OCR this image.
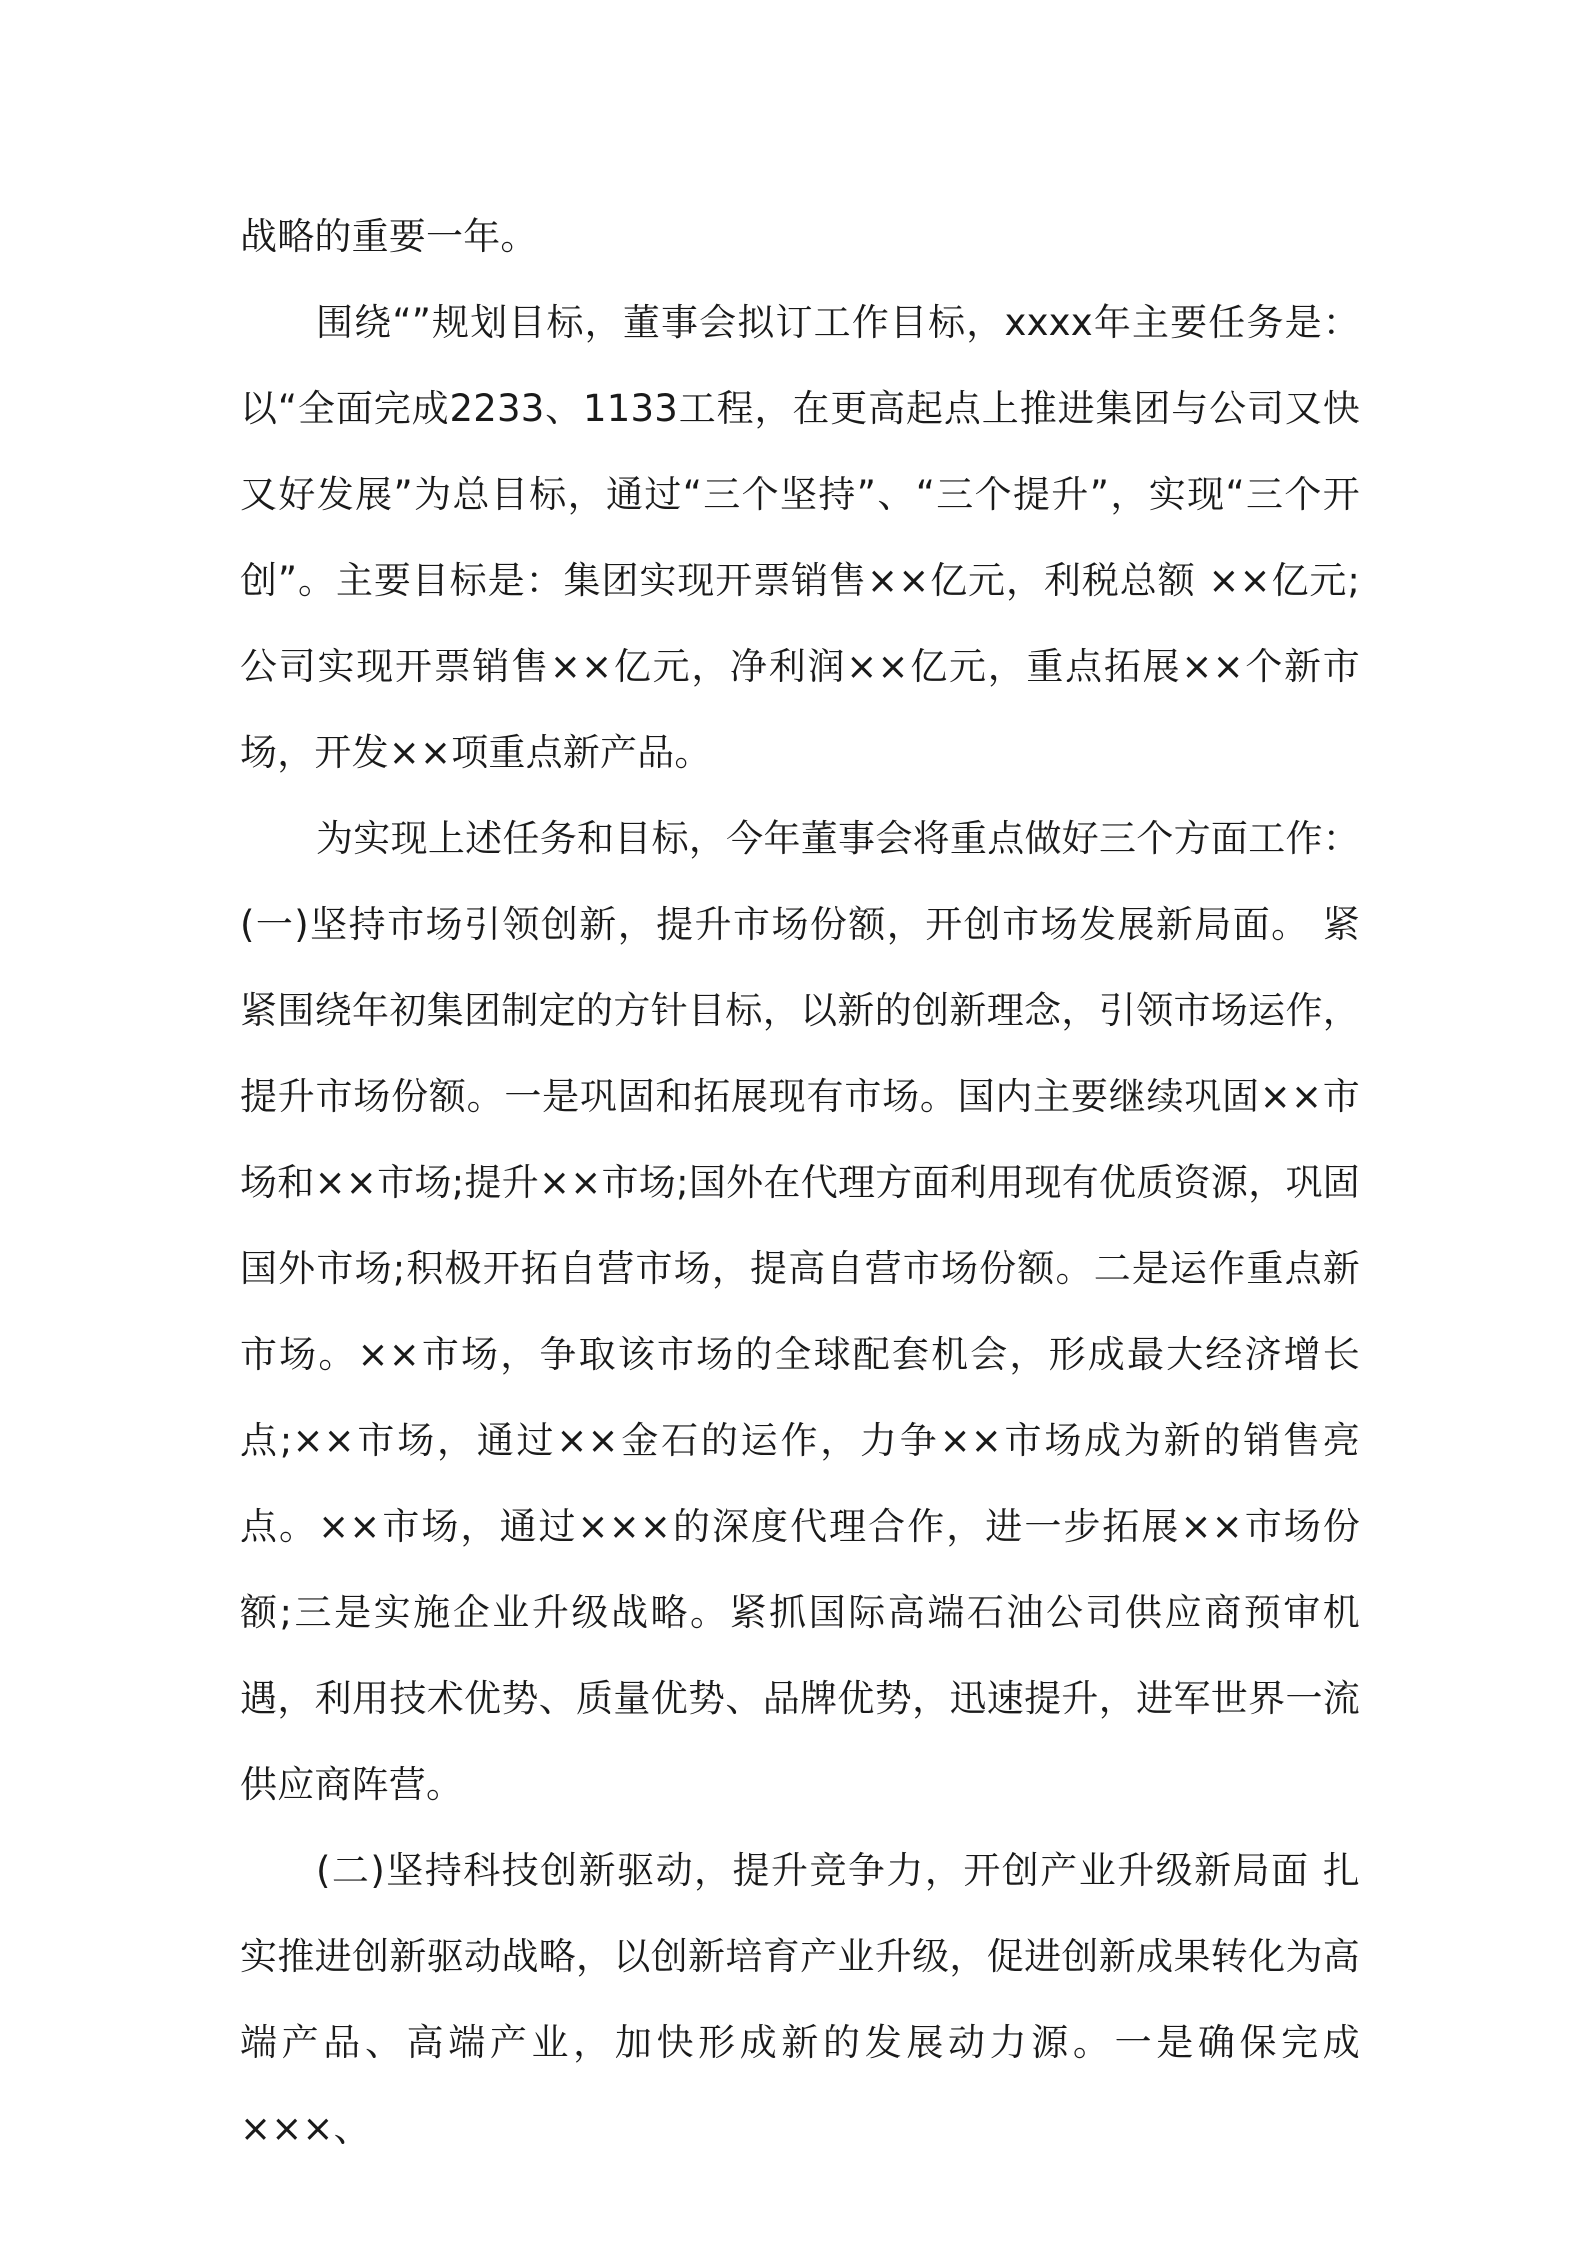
战略的重要一年。

围绕“”规划目标，董事会拟订工作目标，xxxx年主要任务是：以“全面完成2233、1133工程，在更高起点上推进集团与公司又快又好发展”为总目标，通过“三个坚持”、“三个提升”，实现“三个开创”。主要目标是：集团实现开票销售××亿元，利税总额 ××亿元;公司实现开票销售××亿元，净利润××亿元，重点拓展××个新市场，开发××项重点新产品。

为实现上述任务和目标，今年董事会将重点做好三个方面工作：(一)坚持市场引领创新，提升市场份额，开创市场发展新局面。 紧紧围绕年初集团制定的方针目标，以新的创新理念，引领市场运作，提升市场份额。一是巩固和拓展现有市场。国内主要继续巩固××市场和××市场;提升××市场;国外在代理方面利用现有优质资源，巩固国外市场;积极开拓自营市场，提高自营市场份额。二是运作重点新市场。××市场，争取该市场的全球配套机会，形成最大经济增长点;××市场，通过××金石的运作，力争××市场成为新的销售亮点。××市场，通过×××的深度代理合作，进一步拓展××市场份额;三是实施企业升级战略。紧抓国际高端石油公司供应商预审机遇，利用技术优势、质量优势、品牌优势，迅速提升，进军世界一流供应商阵营。

(二)坚持科技创新驱动，提升竞争力，开创产业升级新局面 扎实推进创新驱动战略，以创新培育产业升级，促进创新成果转化为高端产品、高端产业，加快形成新的发展动力源。一是确保完成×××、
